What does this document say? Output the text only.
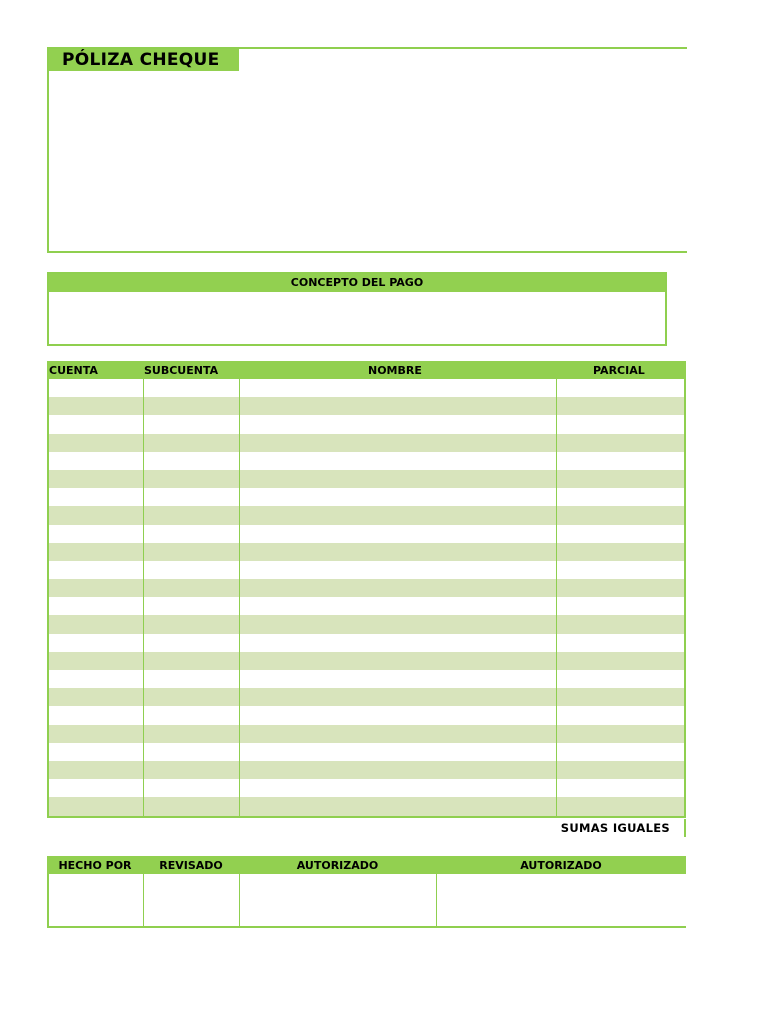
PÓLIZA CHEQUE
CONCEPTO DEL PAGO
CUENTA	SUBCUENTA	NOMBRE	PARCIAL
SUMAS IGUALES
HECHO POR	REVISADO	AUTORIZADO	AUTORIZADO
